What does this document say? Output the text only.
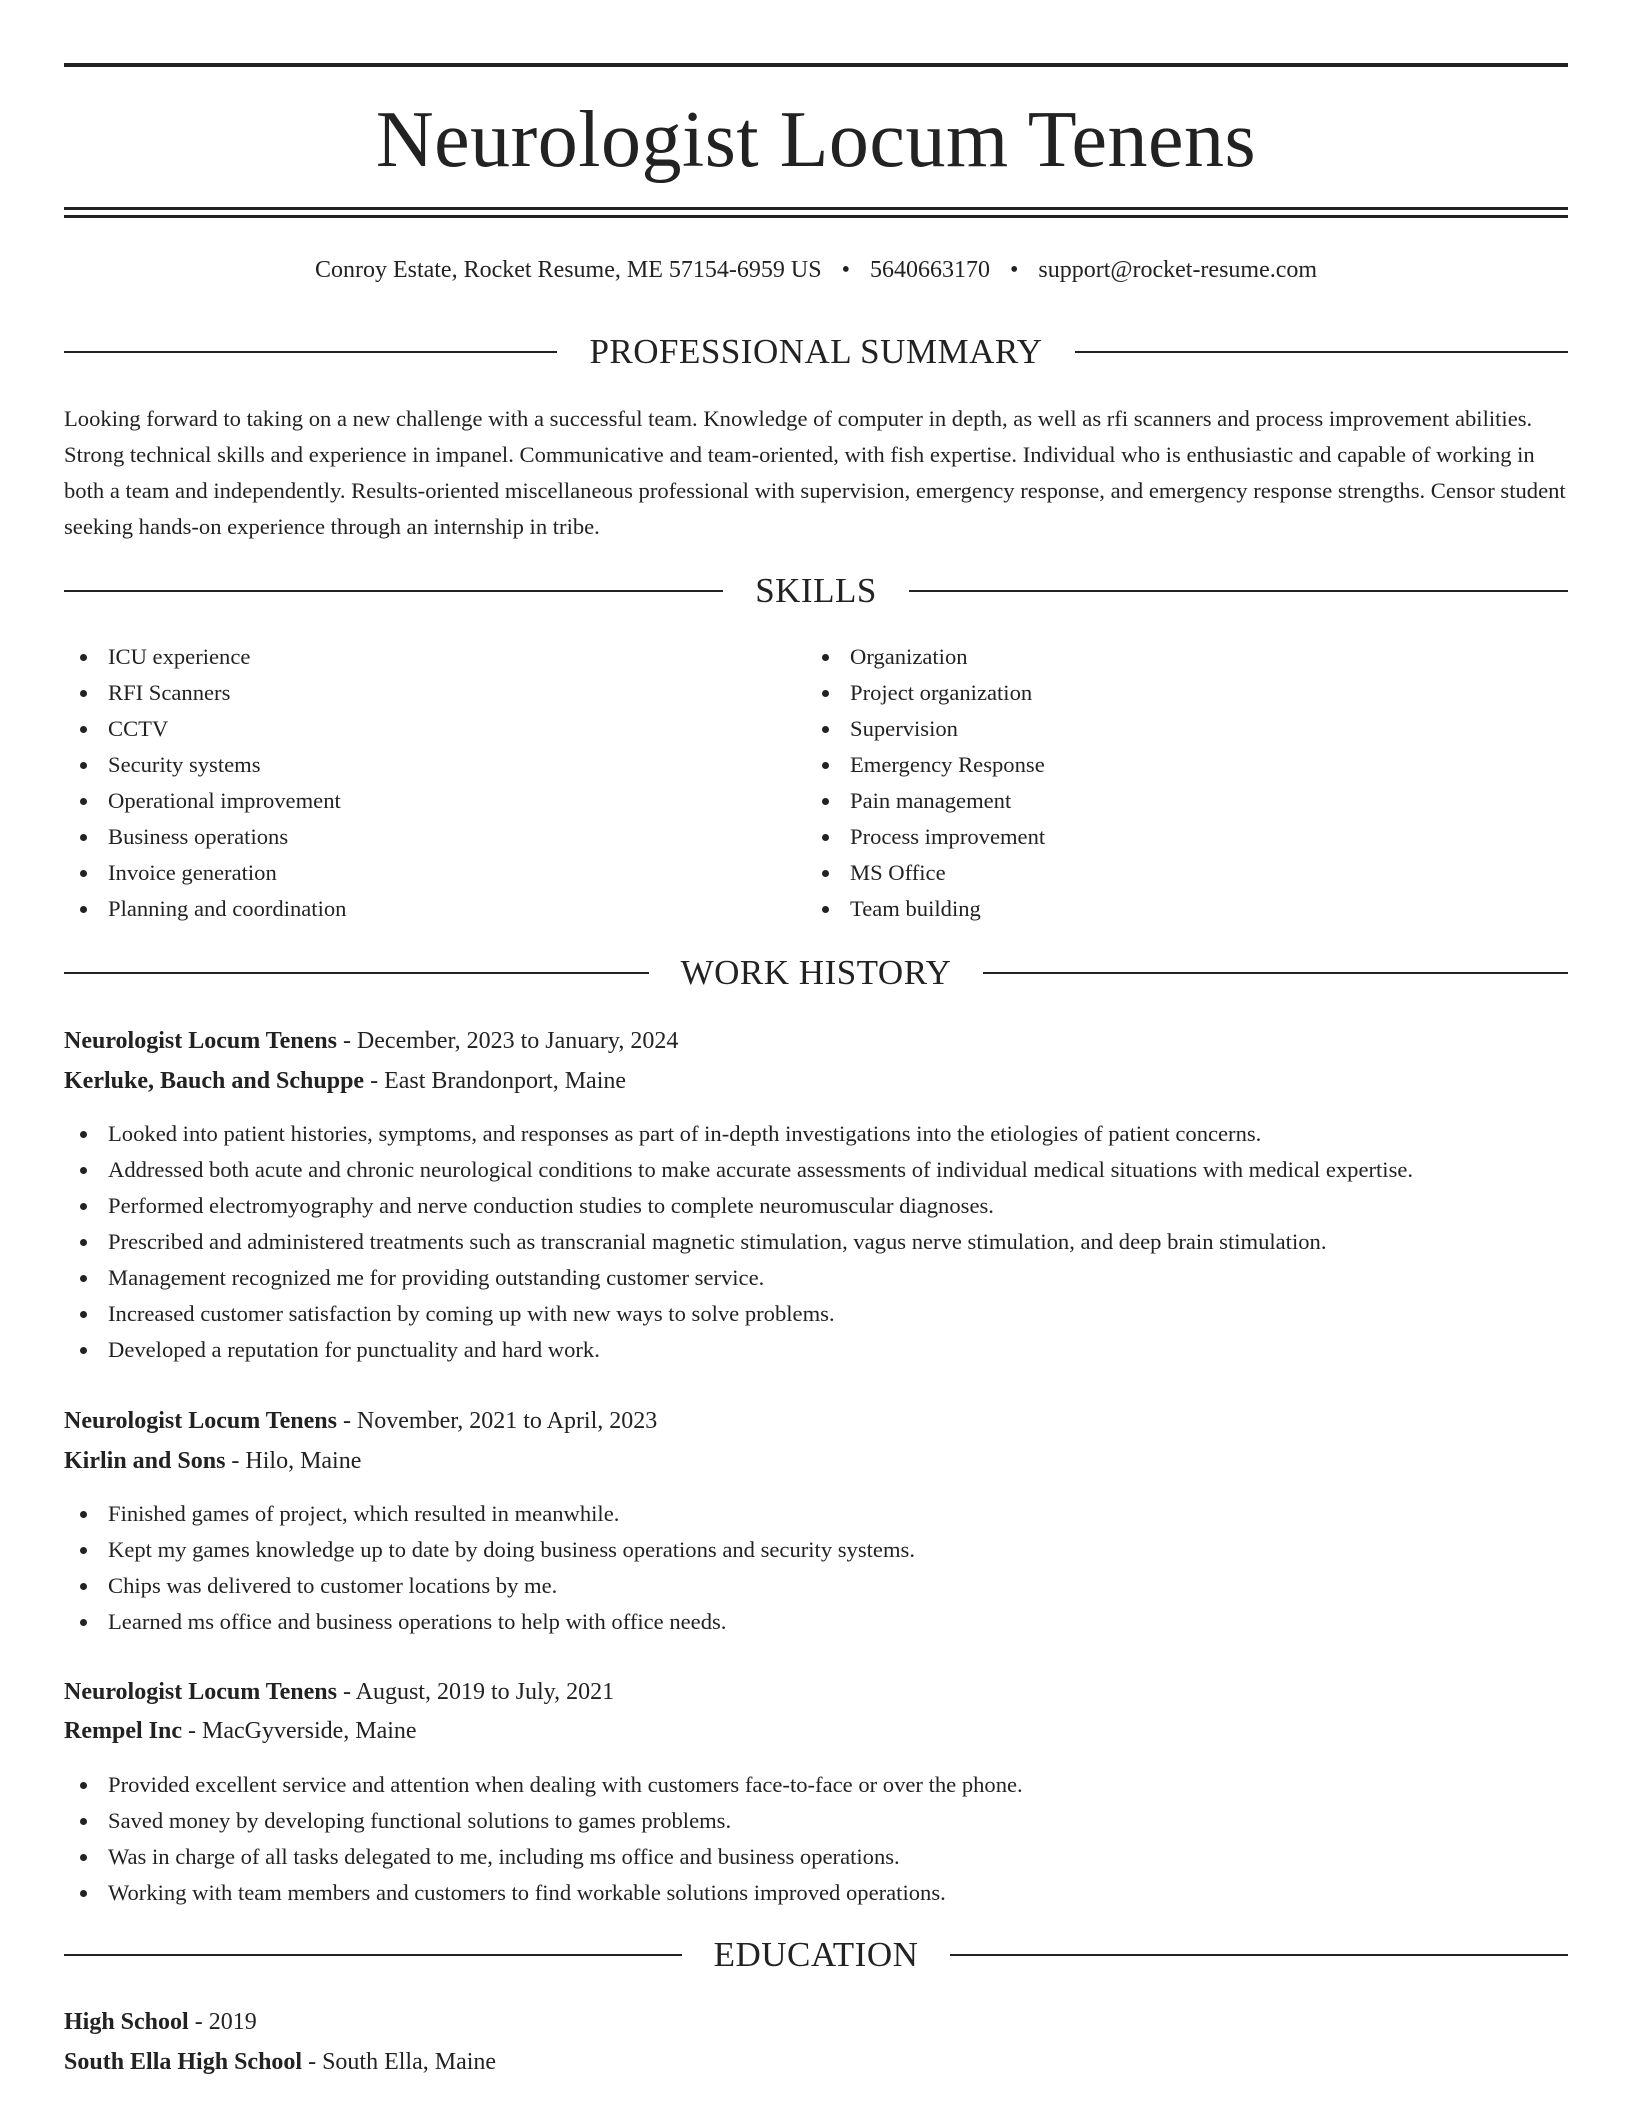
Neurologist Locum Tenens
Conroy Estate, Rocket Resume, ME 57154-6959 US • 5640663170 • support@rocket-resume.com
PROFESSIONAL SUMMARY

Looking forward to taking on a new challenge with a successful team. Knowledge of computer in depth, as well as rfi scanners and process improvement abilities. Strong technical skills and experience in impanel. Communicative and team-oriented, with fish expertise. Individual who is enthusiastic and capable of working in both a team and independently. Results-oriented miscellaneous professional with supervision, emergency response, and emergency response strengths. Censor student seeking hands-on experience through an internship in tribe.

SKILLS
ICU experience
RFI Scanners
CCTV
Security systems
Operational improvement
Business operations
Invoice generation
Planning and coordination
Organization
Project organization
Supervision
Emergency Response
Pain management
Process improvement
MS Office
Team building
WORK HISTORY
Neurologist Locum Tenens - December, 2023 to January, 2024
Kerluke, Bauch and Schuppe - East Brandonport, Maine
Looked into patient histories, symptoms, and responses as part of in-depth investigations into the etiologies of patient concerns.
Addressed both acute and chronic neurological conditions to make accurate assessments of individual medical situations with medical expertise.
Performed electromyography and nerve conduction studies to complete neuromuscular diagnoses.
Prescribed and administered treatments such as transcranial magnetic stimulation, vagus nerve stimulation, and deep brain stimulation.
Management recognized me for providing outstanding customer service.
Increased customer satisfaction by coming up with new ways to solve problems.
Developed a reputation for punctuality and hard work.
Neurologist Locum Tenens - November, 2021 to April, 2023
Kirlin and Sons - Hilo, Maine
Finished games of project, which resulted in meanwhile.
Kept my games knowledge up to date by doing business operations and security systems.
Chips was delivered to customer locations by me.
Learned ms office and business operations to help with office needs.
Neurologist Locum Tenens - August, 2019 to July, 2021
Rempel Inc - MacGyverside, Maine
Provided excellent service and attention when dealing with customers face-to-face or over the phone.
Saved money by developing functional solutions to games problems.
Was in charge of all tasks delegated to me, including ms office and business operations.
Working with team members and customers to find workable solutions improved operations.
EDUCATION
High School - 2019
South Ella High School - South Ella, Maine
